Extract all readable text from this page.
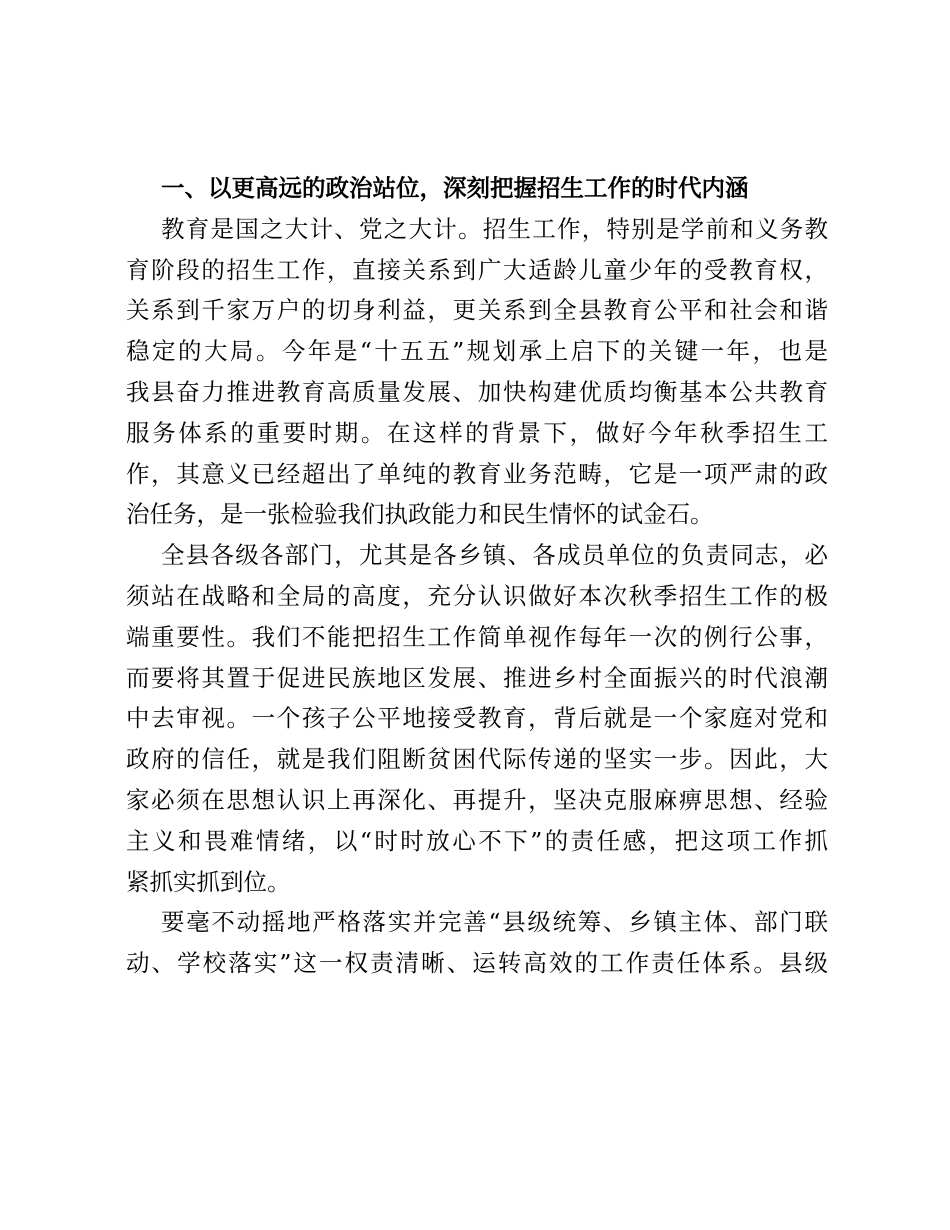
一、以更高远的政治站位，深刻把握招生工作的时代内涵

教育是国之大计、党之大计。招生工作，特别是学前和义务教
育阶段的招生工作，直接关系到广大适龄儿童少年的受教育权，
关系到千家万户的切身利益，更关系到全县教育公平和社会和谐
稳定的大局。今年是“十五五”规划承上启下的关键一年，也是
我县奋力推进教育高质量发展、加快构建优质均衡基本公共教育
服务体系的重要时期。在这样的背景下，做好今年秋季招生工
作，其意义已经超出了单纯的教育业务范畴，它是一项严肃的政
治任务，是一张检验我们执政能力和民生情怀的试金石。

全县各级各部门，尤其是各乡镇、各成员单位的负责同志，必
须站在战略和全局的高度，充分认识做好本次秋季招生工作的极
端重要性。我们不能把招生工作简单视作每年一次的例行公事，
而要将其置于促进民族地区发展、推进乡村全面振兴的时代浪潮
中去审视。一个孩子公平地接受教育，背后就是一个家庭对党和
政府的信任，就是我们阻断贫困代际传递的坚实一步。因此，大
家必须在思想认识上再深化、再提升，坚决克服麻痹思想、经验
主义和畏难情绪，以“时时放心不下”的责任感，把这项工作抓
紧抓实抓到位。

要毫不动摇地严格落实并完善“县级统筹、乡镇主体、部门联
动、学校落实”这一权责清晰、运转高效的工作责任体系。县级
